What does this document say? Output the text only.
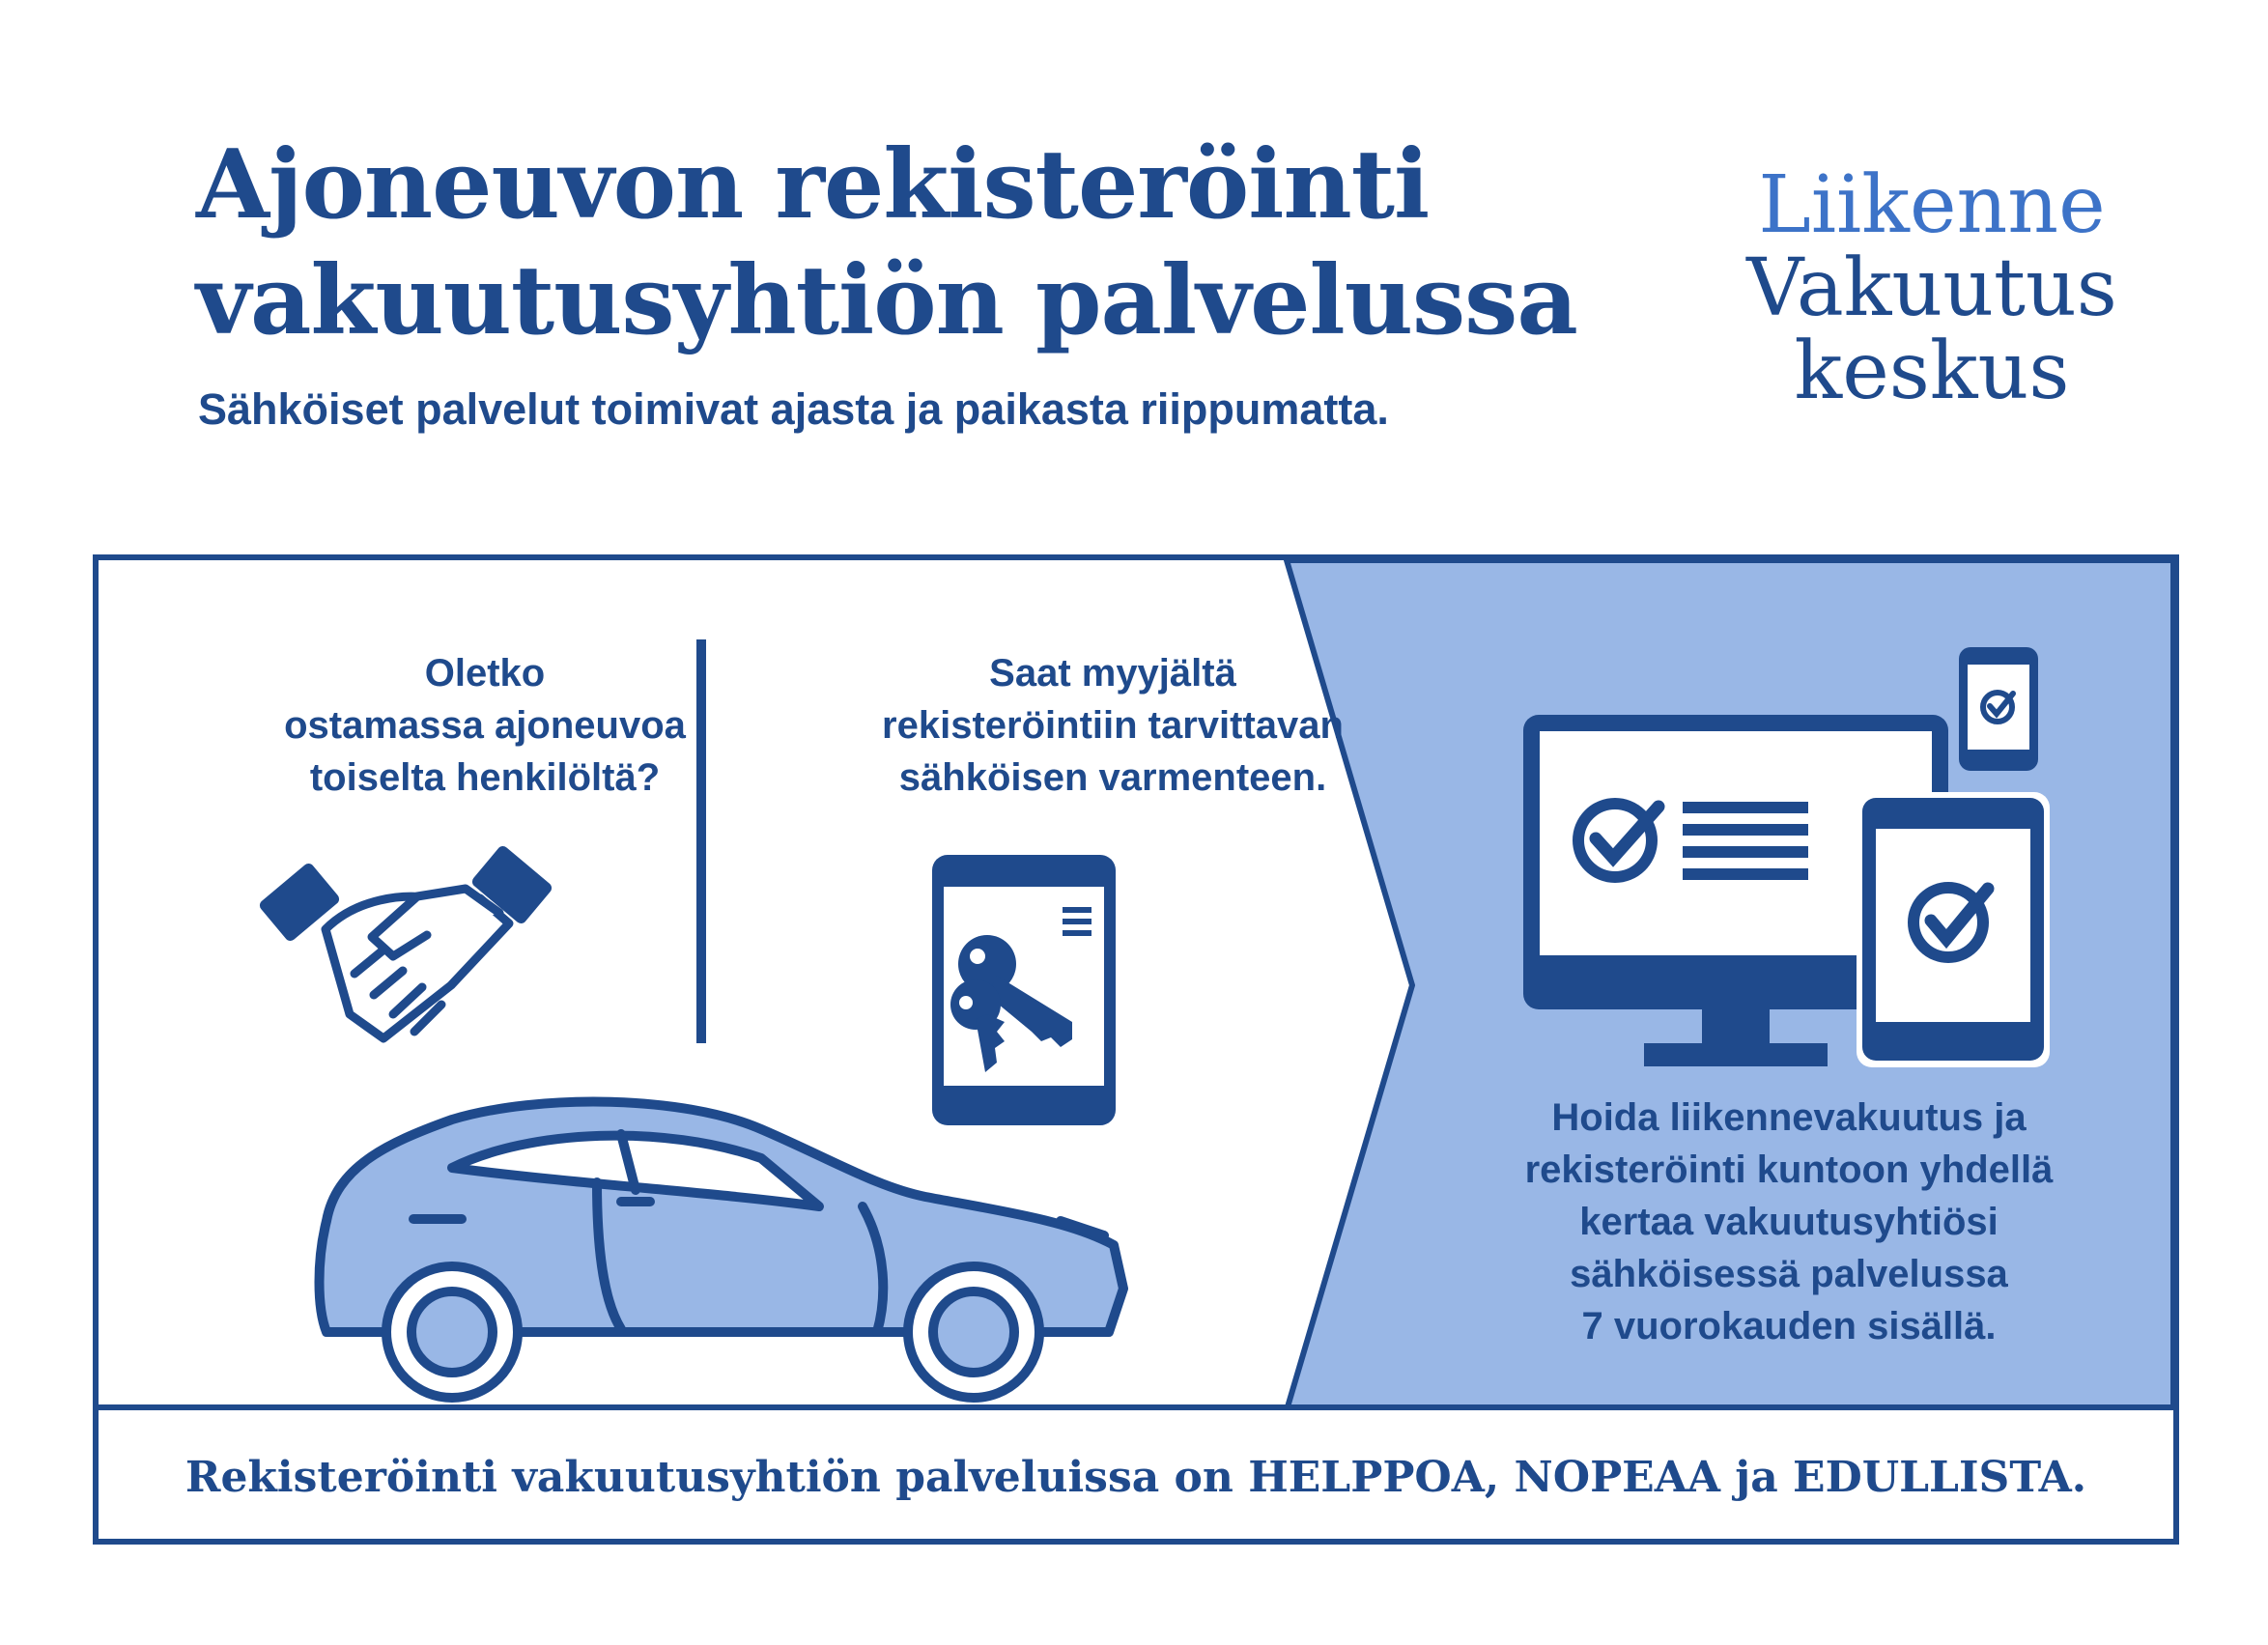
Ajoneuvon rekisteröinti
vakuutusyhtiön palvelussa

Sähköiset palvelut toimivat ajasta ja paikasta riippumatta.

Liikenne
Vakuutus
keskus
Oletko
ostamassa ajoneuvoa
toiselta henkilöltä?
Saat myyjältä
rekisteröintiin tarvittavan
sähköisen varmenteen.
Hoida liikennevakuutus ja
rekisteröinti kuntoon yhdellä
kertaa vakuutusyhtiösi
sähköisessä palvelussa
7 vuorokauden sisällä.
Rekisteröinti vakuutusyhtiön palveluissa on HELPPOA, NOPEAA ja EDULLISTA.
